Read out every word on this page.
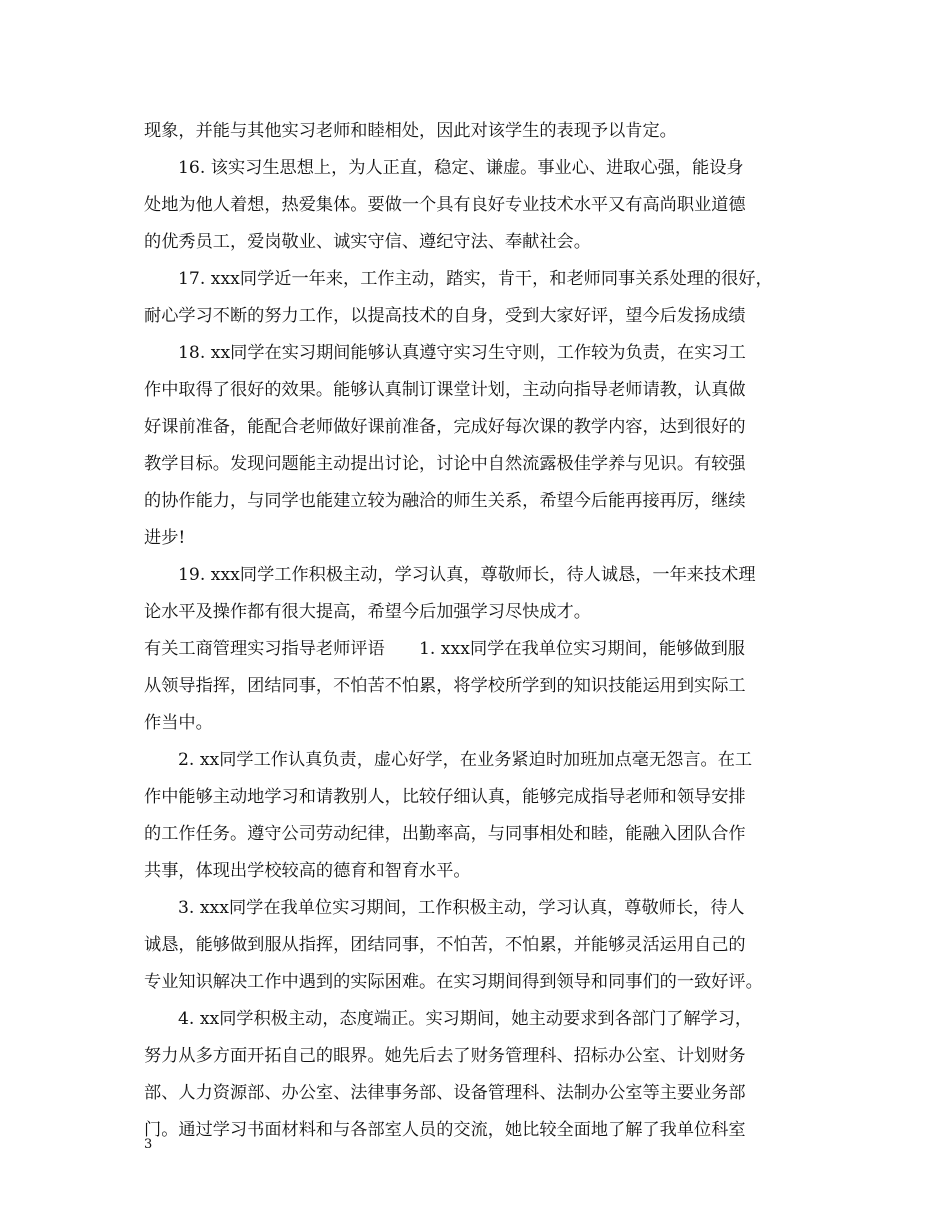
现象，并能与其他实习老师和睦相处，因此对该学生的表现予以肯定。
16. 该实习生思想上，为人正直，稳定、谦虚。事业心、进取心强，能设身
处地为他人着想，热爱集体。要做一个具有良好专业技术水平又有高尚职业道德
的优秀员工，爱岗敬业、诚实守信、遵纪守法、奉献社会。
17. xxx同学近一年来，工作主动，踏实，肯干，和老师同事关系处理的很好，
耐心学习不断的努力工作，以提高技术的自身，受到大家好评，望今后发扬成绩
18. xx同学在实习期间能够认真遵守实习生守则，工作较为负责，在实习工
作中取得了很好的效果。能够认真制订课堂计划，主动向指导老师请教，认真做
好课前准备，能配合老师做好课前准备，完成好每次课的教学内容，达到很好的
教学目标。发现问题能主动提出讨论，讨论中自然流露极佳学养与见识。有较强
的协作能力，与同学也能建立较为融洽的师生关系，希望今后能再接再厉，继续
进步!
19. xxx同学工作积极主动，学习认真，尊敬师长，待人诚恳，一年来技术理
论水平及操作都有很大提高，希望今后加强学习尽快成才。
有关工商管理实习指导老师评语　　1. xxx同学在我单位实习期间，能够做到服
从领导指挥，团结同事，不怕苦不怕累，将学校所学到的知识技能运用到实际工
作当中。
2. xx同学工作认真负责，虚心好学，在业务紧迫时加班加点毫无怨言。在工
作中能够主动地学习和请教别人，比较仔细认真，能够完成指导老师和领导安排
的工作任务。遵守公司劳动纪律，出勤率高，与同事相处和睦，能融入团队合作
共事，体现出学校较高的德育和智育水平。
3. xxx同学在我单位实习期间，工作积极主动，学习认真，尊敬师长，待人
诚恳，能够做到服从指挥，团结同事，不怕苦，不怕累，并能够灵活运用自己的
专业知识解决工作中遇到的实际困难。在实习期间得到领导和同事们的一致好评。
4. xx同学积极主动，态度端正。实习期间，她主动要求到各部门了解学习，
努力从多方面开拓自己的眼界。她先后去了财务管理科、招标办公室、计划财务
部、人力资源部、办公室、法律事务部、设备管理科、法制办公室等主要业务部
门。通过学习书面材料和与各部室人员的交流，她比较全面地了解了我单位科室
3
